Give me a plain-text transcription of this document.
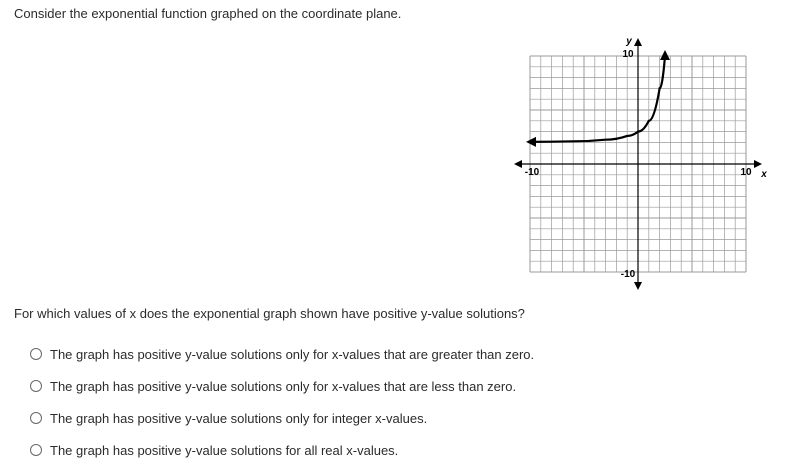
Consider the exponential function graphed on the coordinate plane.
-10	10
10
-10
y
x
For which values of x does the exponential graph shown have positive y-value solutions?
The graph has positive y-value solutions only for x-values that are greater than zero.
The graph has positive y-value solutions only for x-values that are less than zero.
The graph has positive y-value solutions only for integer x-values.
The graph has positive y-value solutions for all real x-values.
